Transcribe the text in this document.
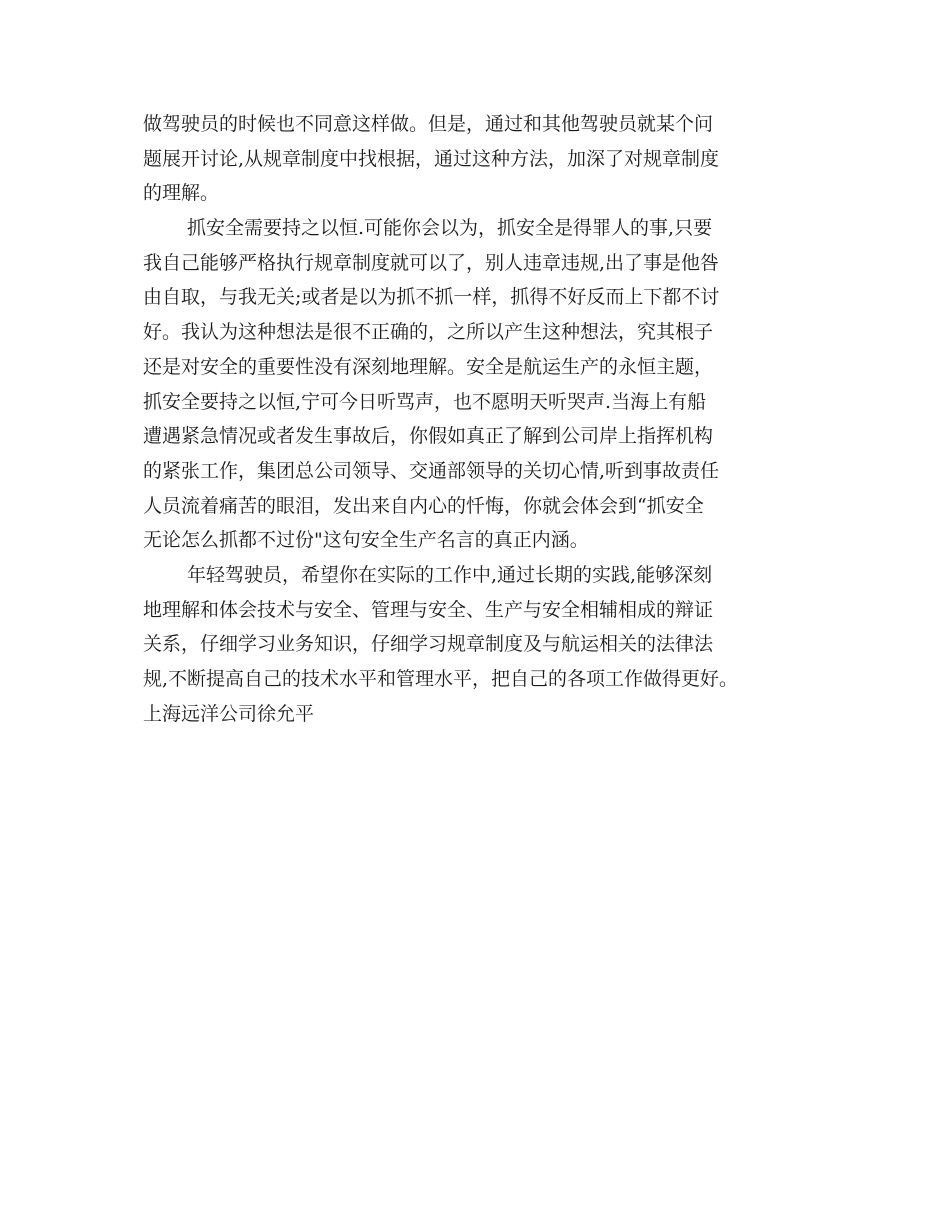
做驾驶员的时候也不同意这样做。但是，通过和其他驾驶员就某个问
题展开讨论,从规章制度中找根据，通过这种方法，加深了对规章制度
的理解。
抓安全需要持之以恒.可能你会以为，抓安全是得罪人的事,只要
我自己能够严格执行规章制度就可以了，别人违章违规,出了事是他咎
由自取，与我无关;或者是以为抓不抓一样，抓得不好反而上下都不讨
好。我认为这种想法是很不正确的，之所以产生这种想法，究其根子
还是对安全的重要性没有深刻地理解。安全是航运生产的永恒主题，
抓安全要持之以恒,宁可今日听骂声，也不愿明天听哭声.当海上有船
遭遇紧急情况或者发生事故后，你假如真正了解到公司岸上指挥机构
的紧张工作，集团总公司领导、交通部领导的关切心情,听到事故责任
人员流着痛苦的眼泪，发出来自内心的忏悔，你就会体会到“抓安全
无论怎么抓都不过份"这句安全生产名言的真正内涵。
年轻驾驶员，希望你在实际的工作中,通过长期的实践,能够深刻
地理解和体会技术与安全、管理与安全、生产与安全相辅相成的辩证
关系，仔细学习业务知识，仔细学习规章制度及与航运相关的法律法
规,不断提高自己的技术水平和管理水平，把自己的各项工作做得更好。
上海远洋公司徐允平
